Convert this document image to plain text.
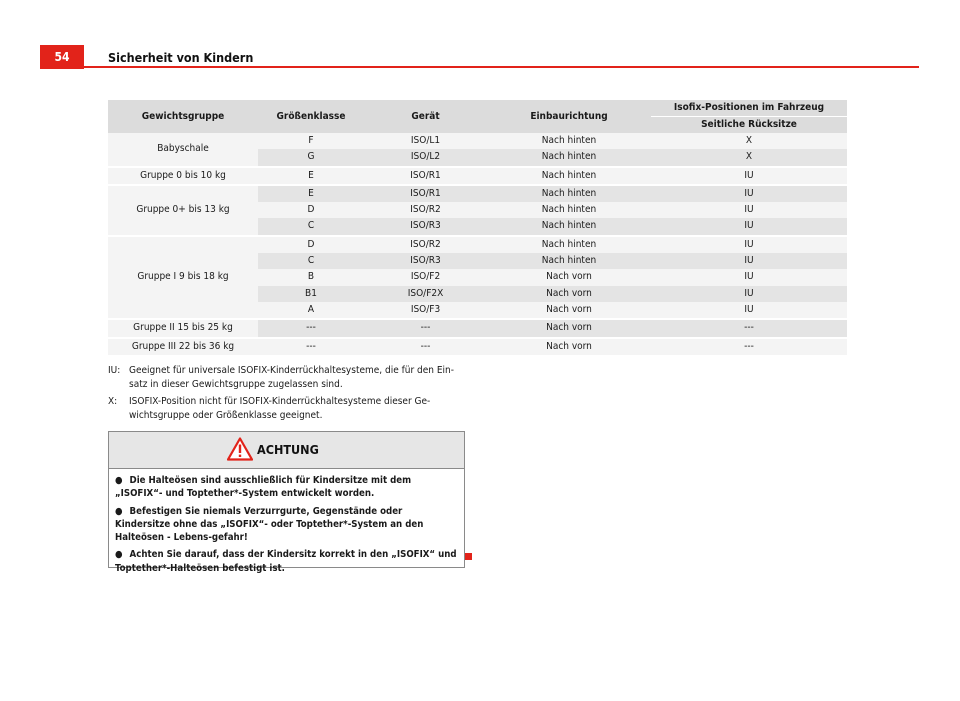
54	Sicherheit von Kindern
Gewichtsgruppe	Größenklasse	Gerät	Einbaurichtung	Isofix-Positionen im Fahrzeug
				Seitliche Rücksitze
Babyschale	F	ISO/L1	Nach hinten	X
	G	ISO/L2	Nach hinten	X
Gruppe 0 bis 10 kg	E	ISO/R1	Nach hinten	IU
Gruppe 0+ bis 13 kg	E	ISO/R1	Nach hinten	IU
	D	ISO/R2	Nach hinten	IU
	C	ISO/R3	Nach hinten	IU
Gruppe I 9 bis 18 kg	D	ISO/R2	Nach hinten	IU
	C	ISO/R3	Nach hinten	IU
	B	ISO/F2	Nach vorn	IU
	B1	ISO/F2X	Nach vorn	IU
	A	ISO/F3	Nach vorn	IU
Gruppe II 15 bis 25 kg	---	---	Nach vorn	---
Gruppe III 22 bis 36 kg	---	---	Nach vorn	---
IU: Geeignet für universale ISOFIX-Kinderrückhaltesysteme, die für den Ein-satz in dieser Gewichtsgruppe zugelassen sind.
X:	ISOFIX-Position nicht für ISOFIX-Kinderrückhaltesysteme dieser Ge-wichtsgruppe oder Größenklasse geeignet.
ACHTUNG
● Die Halteösen sind ausschließlich für Kindersitze mit dem „ISOFIX“- und Toptether*-System entwickelt worden.
● Befestigen Sie niemals Verzurrgurte, Gegenstände oder Kindersitze ohne das „ISOFIX“- oder Toptether*-System an den Halteösen - Lebens-gefahr!
● Achten Sie darauf, dass der Kindersitz korrekt in den „ISOFIX“ und Toptether*-Halteösen befestigt ist.
